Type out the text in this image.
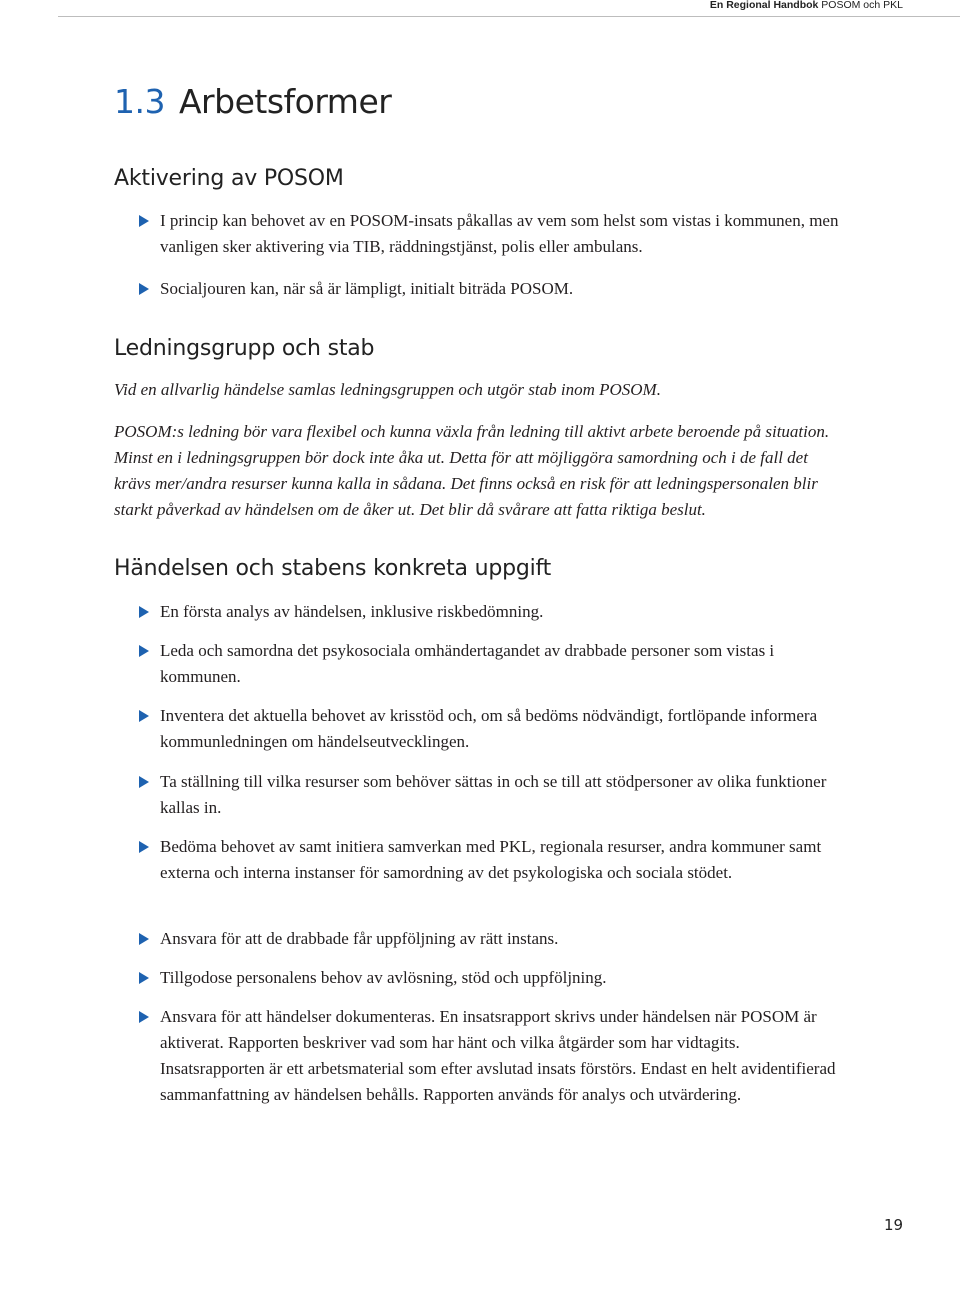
En Regional Handbok POSOM och PKL
1.3 Arbetsformer
Aktivering av POSOM
I princip kan behovet av en POSOM-insats påkallas av vem som helst som vistas i kommunen, men vanligen sker aktivering via TIB, räddningstjänst, polis eller ambulans.
Socialjouren kan, när så är lämpligt, initialt biträda POSOM.
Ledningsgrupp och stab
Vid en allvarlig händelse samlas ledningsgruppen och utgör stab inom POSOM.
POSOM:s ledning bör vara flexibel och kunna växla från ledning till aktivt arbete beroende på situation. Minst en i ledningsgruppen bör dock inte åka ut. Detta för att möjliggöra samordning och i de fall det krävs mer/andra resurser kunna kalla in sådana. Det finns också en risk för att ledningspersonalen blir starkt påverkad av händelsen om de åker ut. Det blir då svårare att fatta riktiga beslut.
Händelsen och stabens konkreta uppgift
En första analys av händelsen, inklusive riskbedömning.
Leda och samordna det psykosociala omhändertagandet av drabbade personer som vistas i kommunen.
Inventera det aktuella behovet av krisstöd och, om så bedöms nödvändigt, fortlöpande informera kommunledningen om händelseutvecklingen.
Ta ställning till vilka resurser som behöver sättas in och se till att stödpersoner av olika funktioner kallas in.
Bedöma behovet av samt initiera samverkan med PKL, regionala resurser, andra kommuner samt externa och interna instanser för samordning av det psykologiska och sociala stödet.
Ansvara för att de drabbade får uppföljning av rätt instans.
Tillgodose personalens behov av avlösning, stöd och uppföljning.
Ansvara för att händelser dokumenteras. En insatsrapport skrivs under händelsen när POSOM är aktiverat. Rapporten beskriver vad som har hänt och vilka åtgärder som har vidtagits. Insatsrapporten är ett arbetsmaterial som efter avslutad insats förstörs. Endast en helt avidentifierad sammanfattning av händelsen behålls. Rapporten används för analys och utvärdering.
19
